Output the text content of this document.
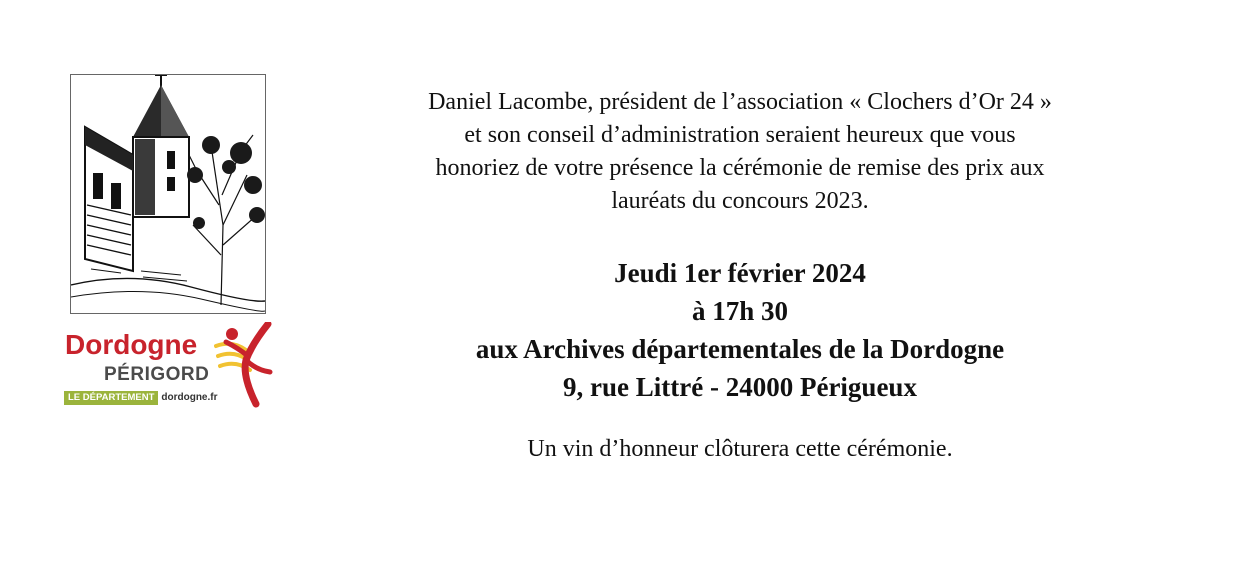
Dordogne
PÉRIGORD
LE DÉPARTEMENT dordogne.fr

Daniel Lacombe, président de l’association « Clochers d’Or 24 »

et son conseil d’administration seraient heureux que vous

honoriez de votre présence la cérémonie de remise des prix aux

lauréats du concours 2023.

Jeudi 1er février 2024

à 17h 30

aux Archives départementales de la Dordogne

9, rue Littré - 24000 Périgueux

Un vin d’honneur clôturera cette cérémonie.
